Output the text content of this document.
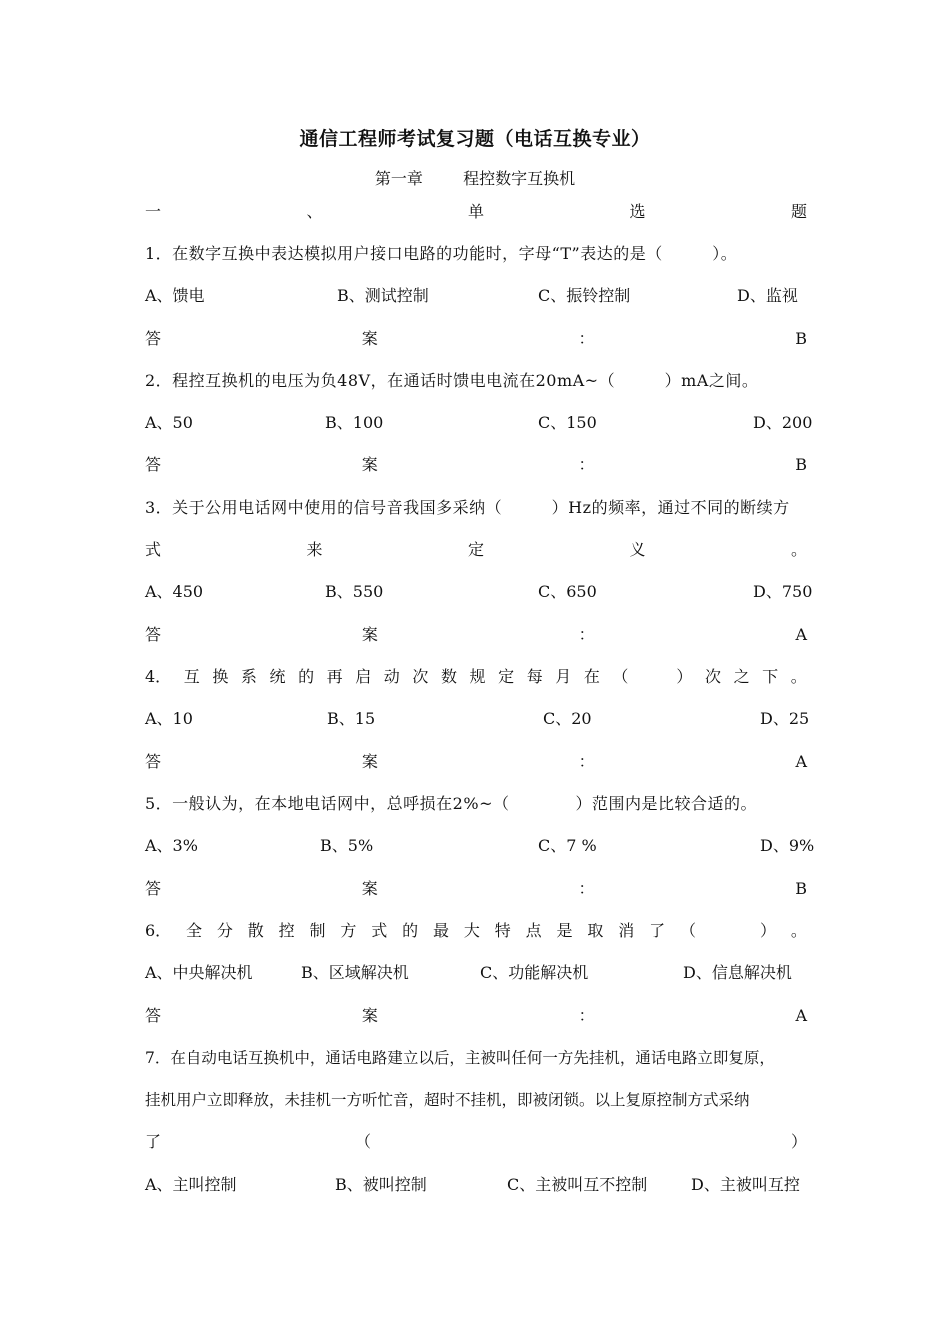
通信工程师考试复习题（电话互换专业）
第一章	程控数字互换机
一	、	单	选	题
1．在数字互换中表达模拟用户接口电路的功能时，字母“T”表达的是（　　　）。
A、馈电	B、测试控制	C、振铃控制	D、监视
答	案	：	B
2．程控互换机的电压为负48V，在通话时馈电电流在20mA~（　　　）mA之间。
A、50	B、100	C、150	D、200
答	案	：	B
3．关于公用电话网中使用的信号音我国多采纳（　　　）Hz的频率，通过不同的断续方
式	来	定	义	。
A、450	B、550	C、650	D、750
答	案	：	A
4． 互 换 系 统 的 再 启 动 次 数 规 定 每 月 在 （　　　） 次 之 下 。
A、10	B、15	C、20	D、25
答	案	：	A
5．一般认为，在本地电话网中，总呼损在2%~（　　　　）范围内是比较合适的。
A、3%	B、5%	C、7 %	D、9%
答	案	：	B
6． 全 分 散 控 制 方 式 的 最 大 特 点 是 取 消 了 （　　　　） 。
A、中央解决机	B、区域解决机	C、功能解决机	D、信息解决机
答	案	：	A
7．在自动电话互换机中，通话电路建立以后，主被叫任何一方先挂机，通话电路立即复原，
挂机用户立即释放，未挂机一方听忙音，超时不挂机，即被闭锁。以上复原控制方式采纳
了	（	）
A、主叫控制	B、被叫控制	C、主被叫互不控制	D、主被叫互控
